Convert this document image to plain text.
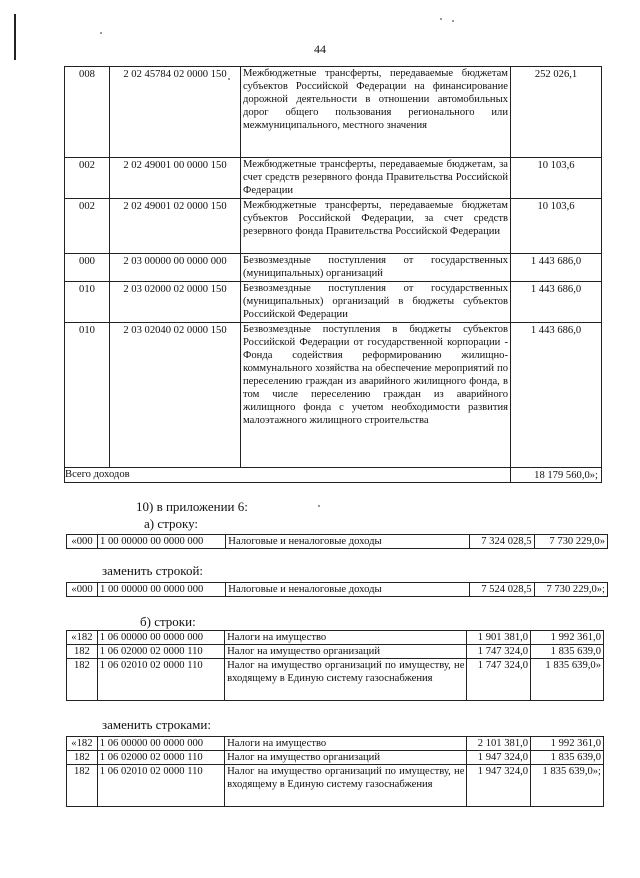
44
008	2 02 45784 02 0000 150	Межбюджетные трансферты, передаваемые бюджетам субъектов Российской Федерации на финансирование дорожной деятельности в отношении автомобильных дорог общего пользования регионального или межмуниципального, местного значения	252 026,1
002	2 02 49001 00 0000 150	Межбюджетные трансферты, передаваемые бюджетам, за счет средств резервного фонда Правительства Российской Федерации	10 103,6
002	2 02 49001 02 0000 150	Межбюджетные трансферты, передаваемые бюджетам субъектов Российской Федерации, за счет средств резервного фонда Правительства Российской Федерации	10 103,6
000	2 03 00000 00 0000 000	Безвозмездные поступления от государственных (муниципальных) организаций	1 443 686,0
010	2 03 02000 02 0000 150	Безвозмездные поступления от государственных (муниципальных) организаций в бюджеты субъектов Российской Федерации	1 443 686,0
010	2 03 02040 02 0000 150	Безвозмездные поступления в бюджеты субъектов Российской Федерации от государственной корпорации - Фонда содействия реформированию жилищно-коммунального хозяйства на обеспечение мероприятий по переселению граждан из аварийного жилищного фонда, в том числе переселению граждан из аварийного жилищного фонда с учетом необходимости развития малоэтажного жилищного строительства	1 443 686,0
Всего доходов			18 179 560,0»;
10) в приложении 6:
а) строку:
«000	1 00 00000 00 0000 000	Налоговые и неналоговые доходы	7 324 028,5	7 730 229,0»
заменить строкой:
«000	1 00 00000 00 0000 000	Налоговые и неналоговые доходы	7 524 028,5	7 730 229,0»;
б) строки:
«182	1 06 00000 00 0000 000	Налоги на имущество	1 901 381,0	1 992 361,0
182	1 06 02000 02 0000 110	Налог на имущество организаций	1 747 324,0	1 835 639,0
182	1 06 02010 02 0000 110	Налог на имущество организаций по имуществу, не входящему в Единую систему газоснабжения	1 747 324,0	1 835 639,0»
заменить строками:
«182	1 06 00000 00 0000 000	Налоги на имущество	2 101 381,0	1 992 361,0
182	1 06 02000 02 0000 110	Налог на имущество организаций	1 947 324,0	1 835 639,0
182	1 06 02010 02 0000 110	Налог на имущество организаций по имуществу, не входящему в Единую систему газоснабжения	1 947 324,0	1 835 639,0»;
